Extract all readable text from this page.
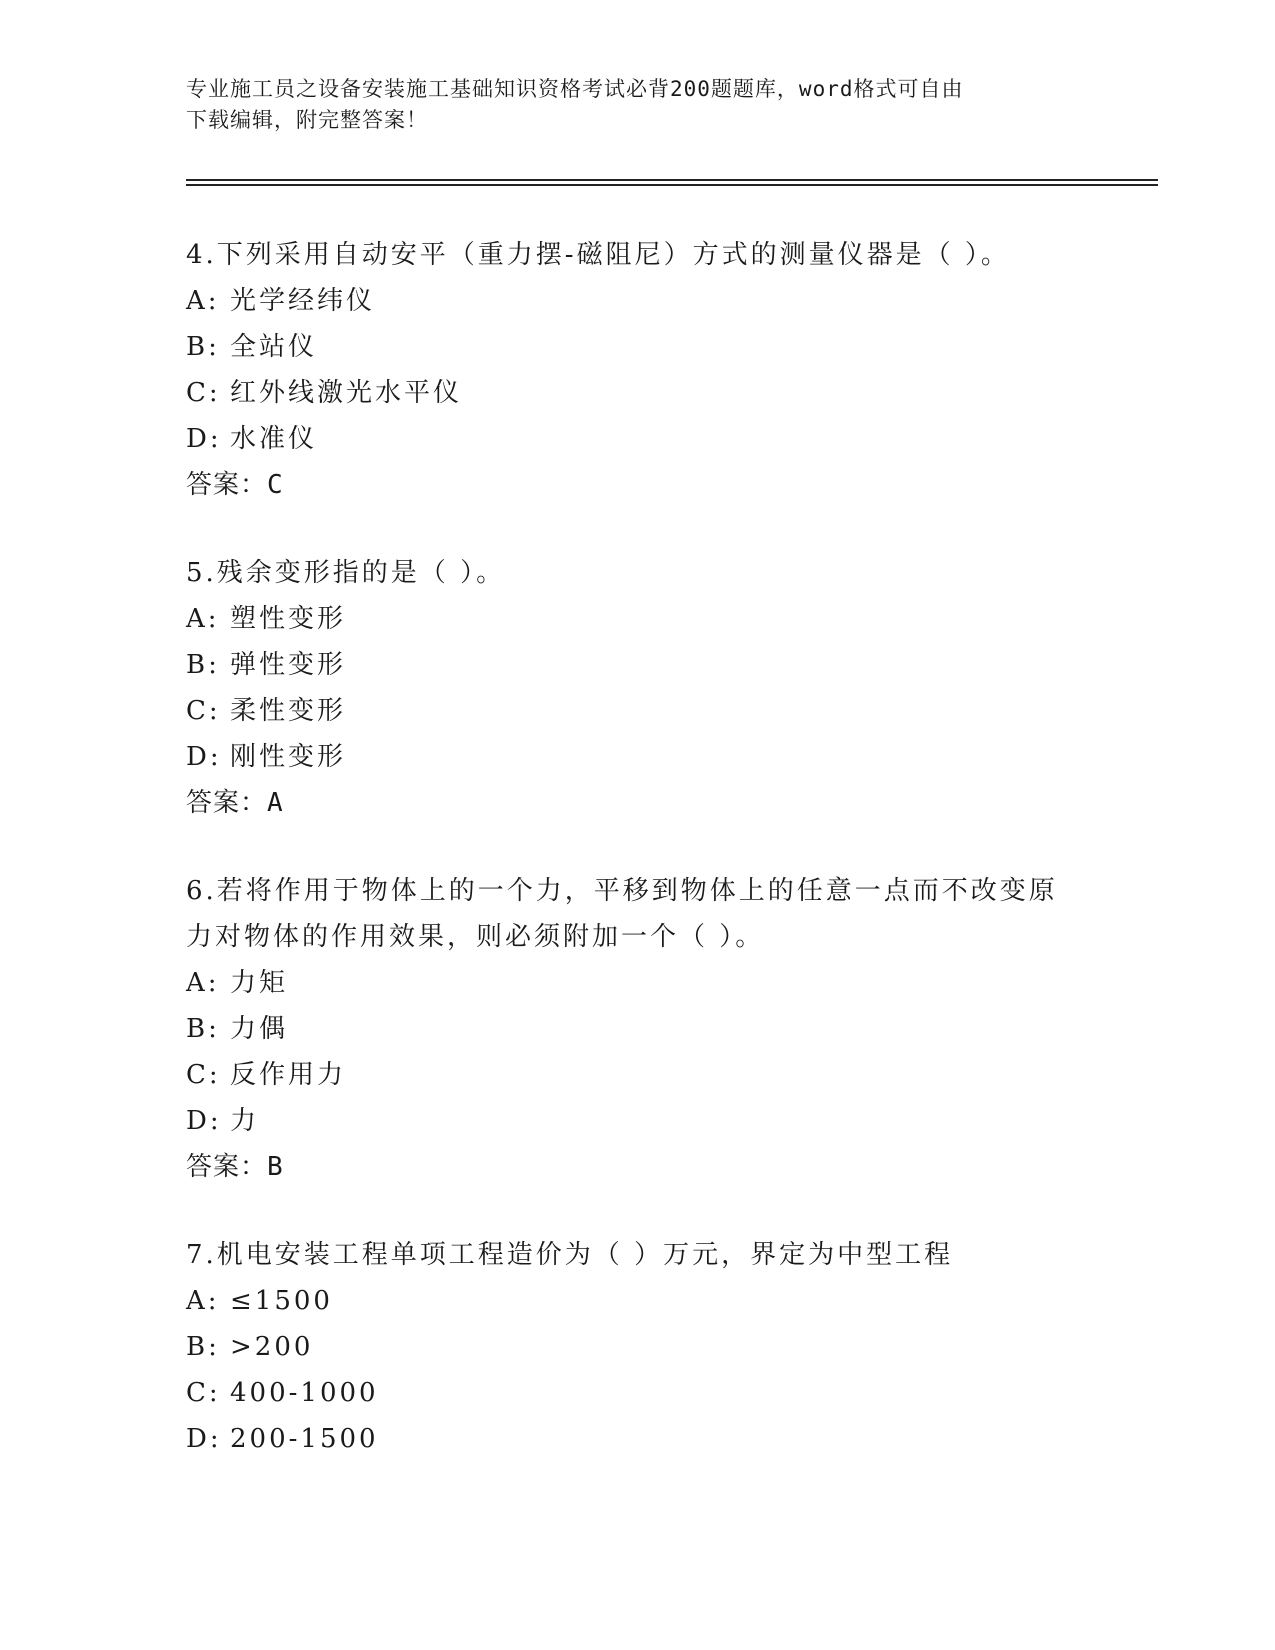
专业施工员之设备安装施工基础知识资格考试必背200题题库，word格式可自由
下载编辑，附完整答案！

4.下列采用自动安平（重力摆-磁阻尼）方式的测量仪器是（ ）。

A: 光学经纬仪

B: 全站仪

C: 红外线激光水平仪

D: 水准仪

答案：C

5.残余变形指的是（ ）。

A: 塑性变形

B: 弹性变形

C: 柔性变形

D: 刚性变形

答案：A

6.若将作用于物体上的一个力，平移到物体上的任意一点而不改变原

力对物体的作用效果，则必须附加一个（ ）。

A: 力矩

B: 力偶

C: 反作用力

D: 力

答案：B

7.机电安装工程单项工程造价为（ ）万元，界定为中型工程

A: ≤1500

B: >200

C: 400-1000

D: 200-1500
